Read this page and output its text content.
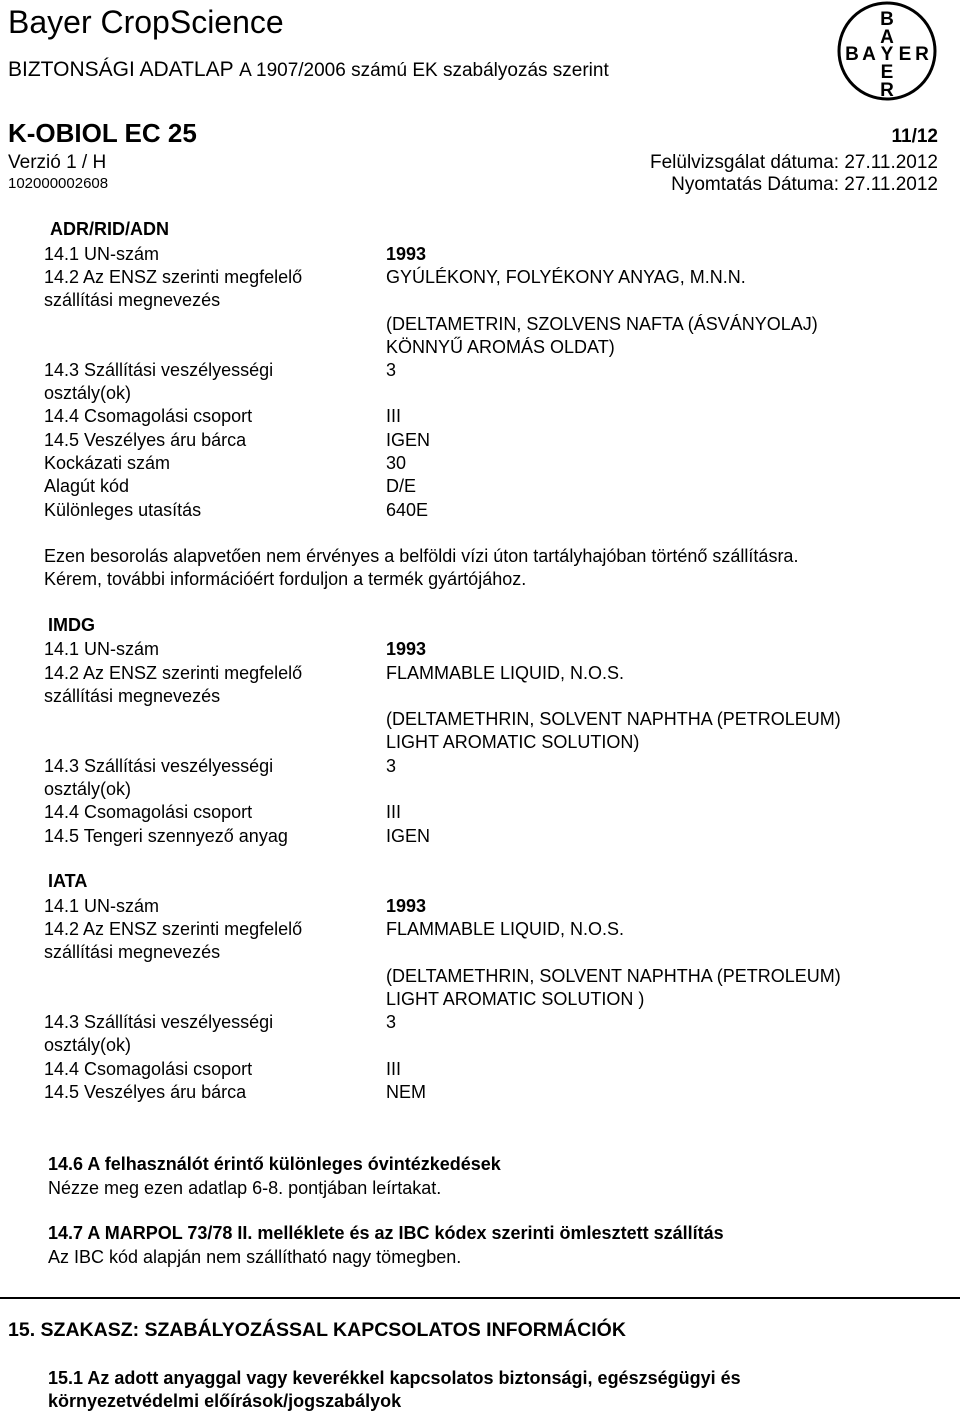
Bayer CropScience
BIZTONSÁGI ADATLAP A 1907/2006 számú EK szabályozás szerint
K-OBIOL EC 25	11/12
Verzió 1 / H	Felülvizsgálat dátuma: 27.11.2012
102000002608	Nyomtatás Dátuma: 27.11.2012
B
A
Y
E
R
B A E R
ADR/RID/ADN
14.1 UN-szám	1993
14.2 Az ENSZ szerinti megfelelő	GYÚLÉKONY, FOLYÉKONY ANYAG, M.N.N.
szállítási megnevezés
(DELTAMETRIN, SZOLVENS NAFTA (ÁSVÁNYOLAJ)
KÖNNYŰ AROMÁS OLDAT)
14.3 Szállítási veszélyességi	3
osztály(ok)
14.4 Csomagolási csoport	III
14.5 Veszélyes áru bárca	IGEN
Kockázati szám	30
Alagút kód	D/E
Különleges utasítás	640E
Ezen besorolás alapvetően nem érvényes a belföldi vízi úton tartályhajóban történő szállításra.
Kérem, további információért forduljon a termék gyártójához.
IMDG
14.1 UN-szám	1993
14.2 Az ENSZ szerinti megfelelő	FLAMMABLE LIQUID, N.O.S.
szállítási megnevezés
(DELTAMETHRIN, SOLVENT NAPHTHA (PETROLEUM)
LIGHT AROMATIC SOLUTION)
14.3 Szállítási veszélyességi	3
osztály(ok)
14.4 Csomagolási csoport	III
14.5 Tengeri szennyező anyag	IGEN
IATA
14.1 UN-szám	1993
14.2 Az ENSZ szerinti megfelelő	FLAMMABLE LIQUID, N.O.S.
szállítási megnevezés
(DELTAMETHRIN, SOLVENT NAPHTHA (PETROLEUM)
LIGHT AROMATIC SOLUTION )
14.3 Szállítási veszélyességi	3
osztály(ok)
14.4 Csomagolási csoport	III
14.5 Veszélyes áru bárca	NEM
14.6 A felhasználót érintő különleges óvintézkedések
Nézze meg ezen adatlap 6-8. pontjában leírtakat.
14.7 A MARPOL 73/78 II. melléklete és az IBC kódex szerinti ömlesztett szállítás
Az IBC kód alapján nem szállítható nagy tömegben.
15. SZAKASZ: SZABÁLYOZÁSSAL KAPCSOLATOS INFORMÁCIÓK
15.1 Az adott anyaggal vagy keverékkel kapcsolatos biztonsági, egészségügyi és
környezetvédelmi előírások/jogszabályok
